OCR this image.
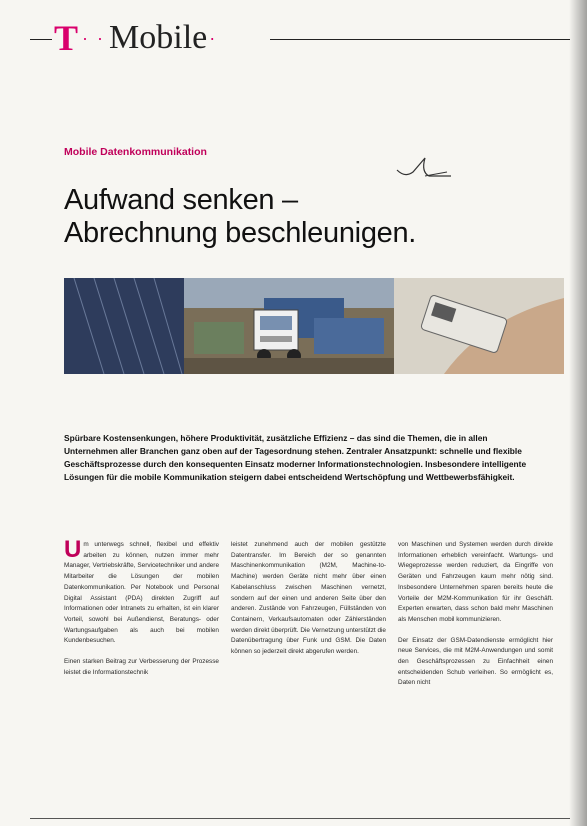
T · · Mobile ·
Mobile Datenkommunikation
Aufwand senken –
Abrechnung beschleunigen.

Spürbare Kostensenkungen, höhere Produktivität, zusätzliche Effizienz – das sind die Themen, die in allen Unternehmen aller Branchen ganz oben auf der Tagesordnung stehen. Zentraler Ansatzpunkt: schnelle und flexible Geschäftsprozesse durch den konsequenten Einsatz moderner Informationstechnologien. Insbesondere intelligente Lösungen für die mobile Kommunikation steigern dabei entscheidend Wertschöpfung und Wettbewerbsfähigkeit.

Um unterwegs schnell, flexibel und effektiv arbeiten zu können, nutzen immer mehr Manager, Vertriebskräfte, Servicetechniker und andere Mitarbeiter die Lösungen der mobilen Datenkommunikation. Per Notebook und Personal Digital Assistant (PDA) direkten Zugriff auf Informationen oder Intranets zu erhalten, ist ein klarer Vorteil, sowohl bei Außendienst, Beratungs- oder Wartungsaufgaben als auch bei mobilen Kundenbesuchen.

Einen starken Beitrag zur Verbesserung der Prozesse leistet die Informationstechnik

leistet zunehmend auch der mobilen gestützte Datentransfer. Im Bereich der so genannten Maschinenkommunikation (M2M, Machine-to-Machine) werden Geräte nicht mehr über einen Kabelanschluss zwischen Maschinen vernetzt, sondern auf der einen und anderen Seite über den anderen. Zustände von Fahrzeugen, Füllständen von Containern, Verkaufsautomaten oder Zählerständen werden direkt überprüft. Die Vernetzung unterstützt die Datenübertragung über Funk und GSM. Die Daten können so jederzeit direkt abgerufen werden.

von Maschinen und Systemen werden durch direkte Informationen erheblich vereinfacht. Wartungs- und Wiegeprozesse werden reduziert, da Eingriffe von Geräten und Fahrzeugen kaum mehr nötig sind. Insbesondere Unternehmen sparen bereits heute die Vorteile der M2M-Kommunikation für ihr Geschäft. Experten erwarten, dass schon bald mehr Maschinen als Menschen mobil kommunizieren.

Der Einsatz der GSM-Datendienste ermöglicht hier neue Services, die mit M2M-Anwendungen und somit den Geschäftsprozessen zu Einfachheit einen entscheidenden Schub verleihen. So ermöglicht es, Daten nicht
